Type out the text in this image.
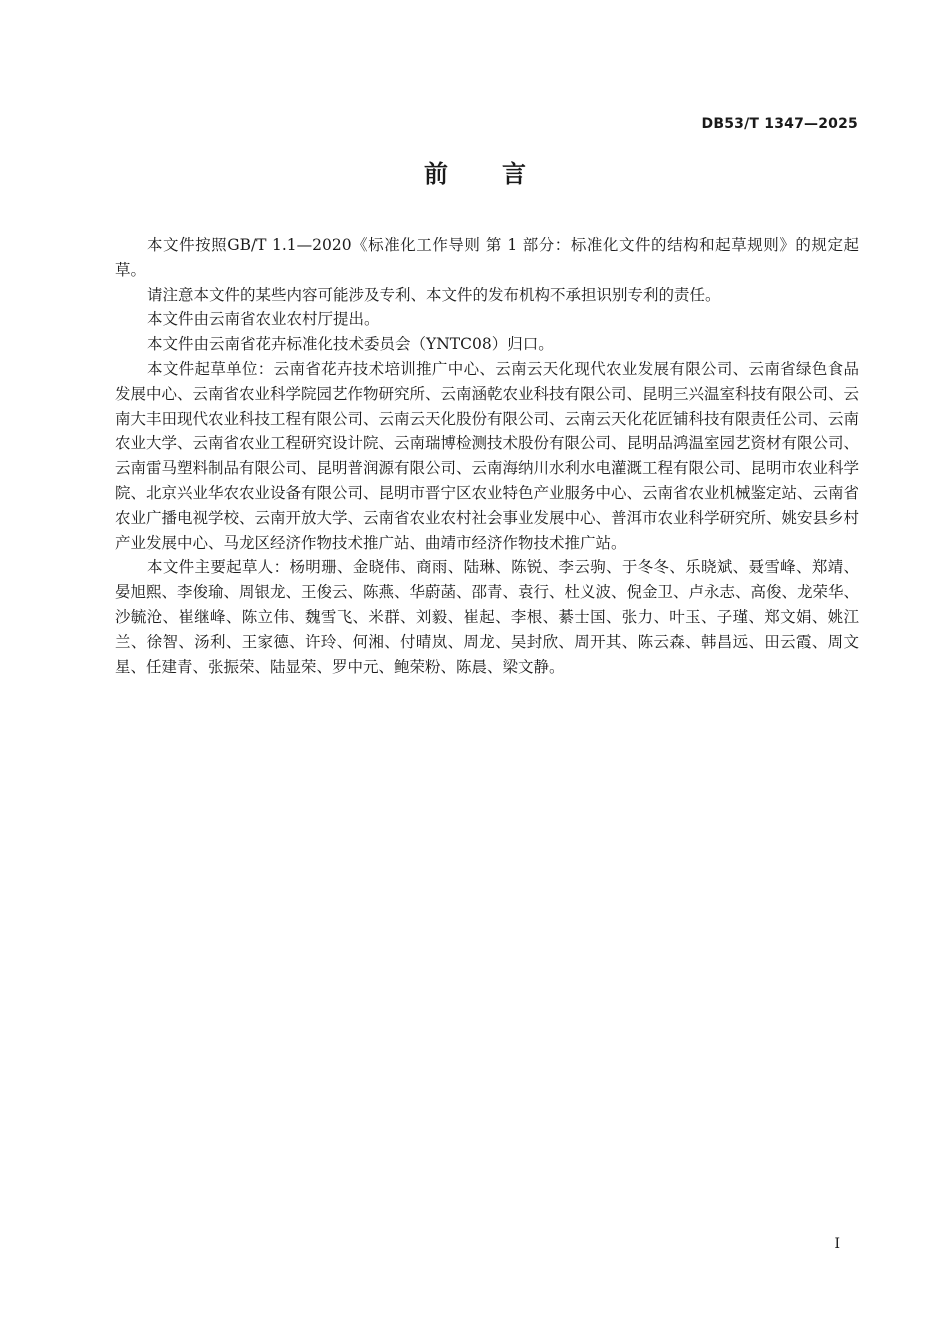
DB53/T 1347—2025
前 言

本文件按照GB/T 1.1—2020《标准化工作导则 第 1 部分：标准化文件的结构和起草规则》的规定起草。

请注意本文件的某些内容可能涉及专利、本文件的发布机构不承担识别专利的责任。

本文件由云南省农业农村厅提出。

本文件由云南省花卉标准化技术委员会（YNTC08）归口。

本文件起草单位：云南省花卉技术培训推广中心、云南云天化现代农业发展有限公司、云南省绿色食品发展中心、云南省农业科学院园艺作物研究所、云南涵乾农业科技有限公司、昆明三兴温室科技有限公司、云南大丰田现代农业科技工程有限公司、云南云天化股份有限公司、云南云天化花匠铺科技有限责任公司、云南农业大学、云南省农业工程研究设计院、云南瑞博检测技术股份有限公司、昆明品鸿温室园艺资材有限公司、云南雷马塑料制品有限公司、昆明普润源有限公司、云南海纳川水利水电灌溉工程有限公司、昆明市农业科学院、北京兴业华农农业设备有限公司、昆明市晋宁区农业特色产业服务中心、云南省农业机械鉴定站、云南省农业广播电视学校、云南开放大学、云南省农业农村社会事业发展中心、普洱市农业科学研究所、姚安县乡村产业发展中心、马龙区经济作物技术推广站、曲靖市经济作物技术推广站。

本文件主要起草人：杨明珊、金晓伟、商雨、陆琳、陈锐、李云驹、于冬冬、乐晓斌、聂雪峰、郑靖、晏旭熙、李俊瑜、周银龙、王俊云、陈燕、华蔚菡、邵青、袁行、杜义波、倪金卫、卢永志、高俊、龙荣华、沙毓沧、崔继峰、陈立伟、魏雪飞、米群、刘毅、崔起、李根、綦士国、张力、叶玉、子瑾、郑文娟、姚江兰、徐智、汤利、王家德、许玲、何湘、付晴岚、周龙、吴封欣、周开其、陈云森、韩昌远、田云霞、周文星、任建青、张振荣、陆显荣、罗中元、鲍荣粉、陈晨、梁文静。

I
